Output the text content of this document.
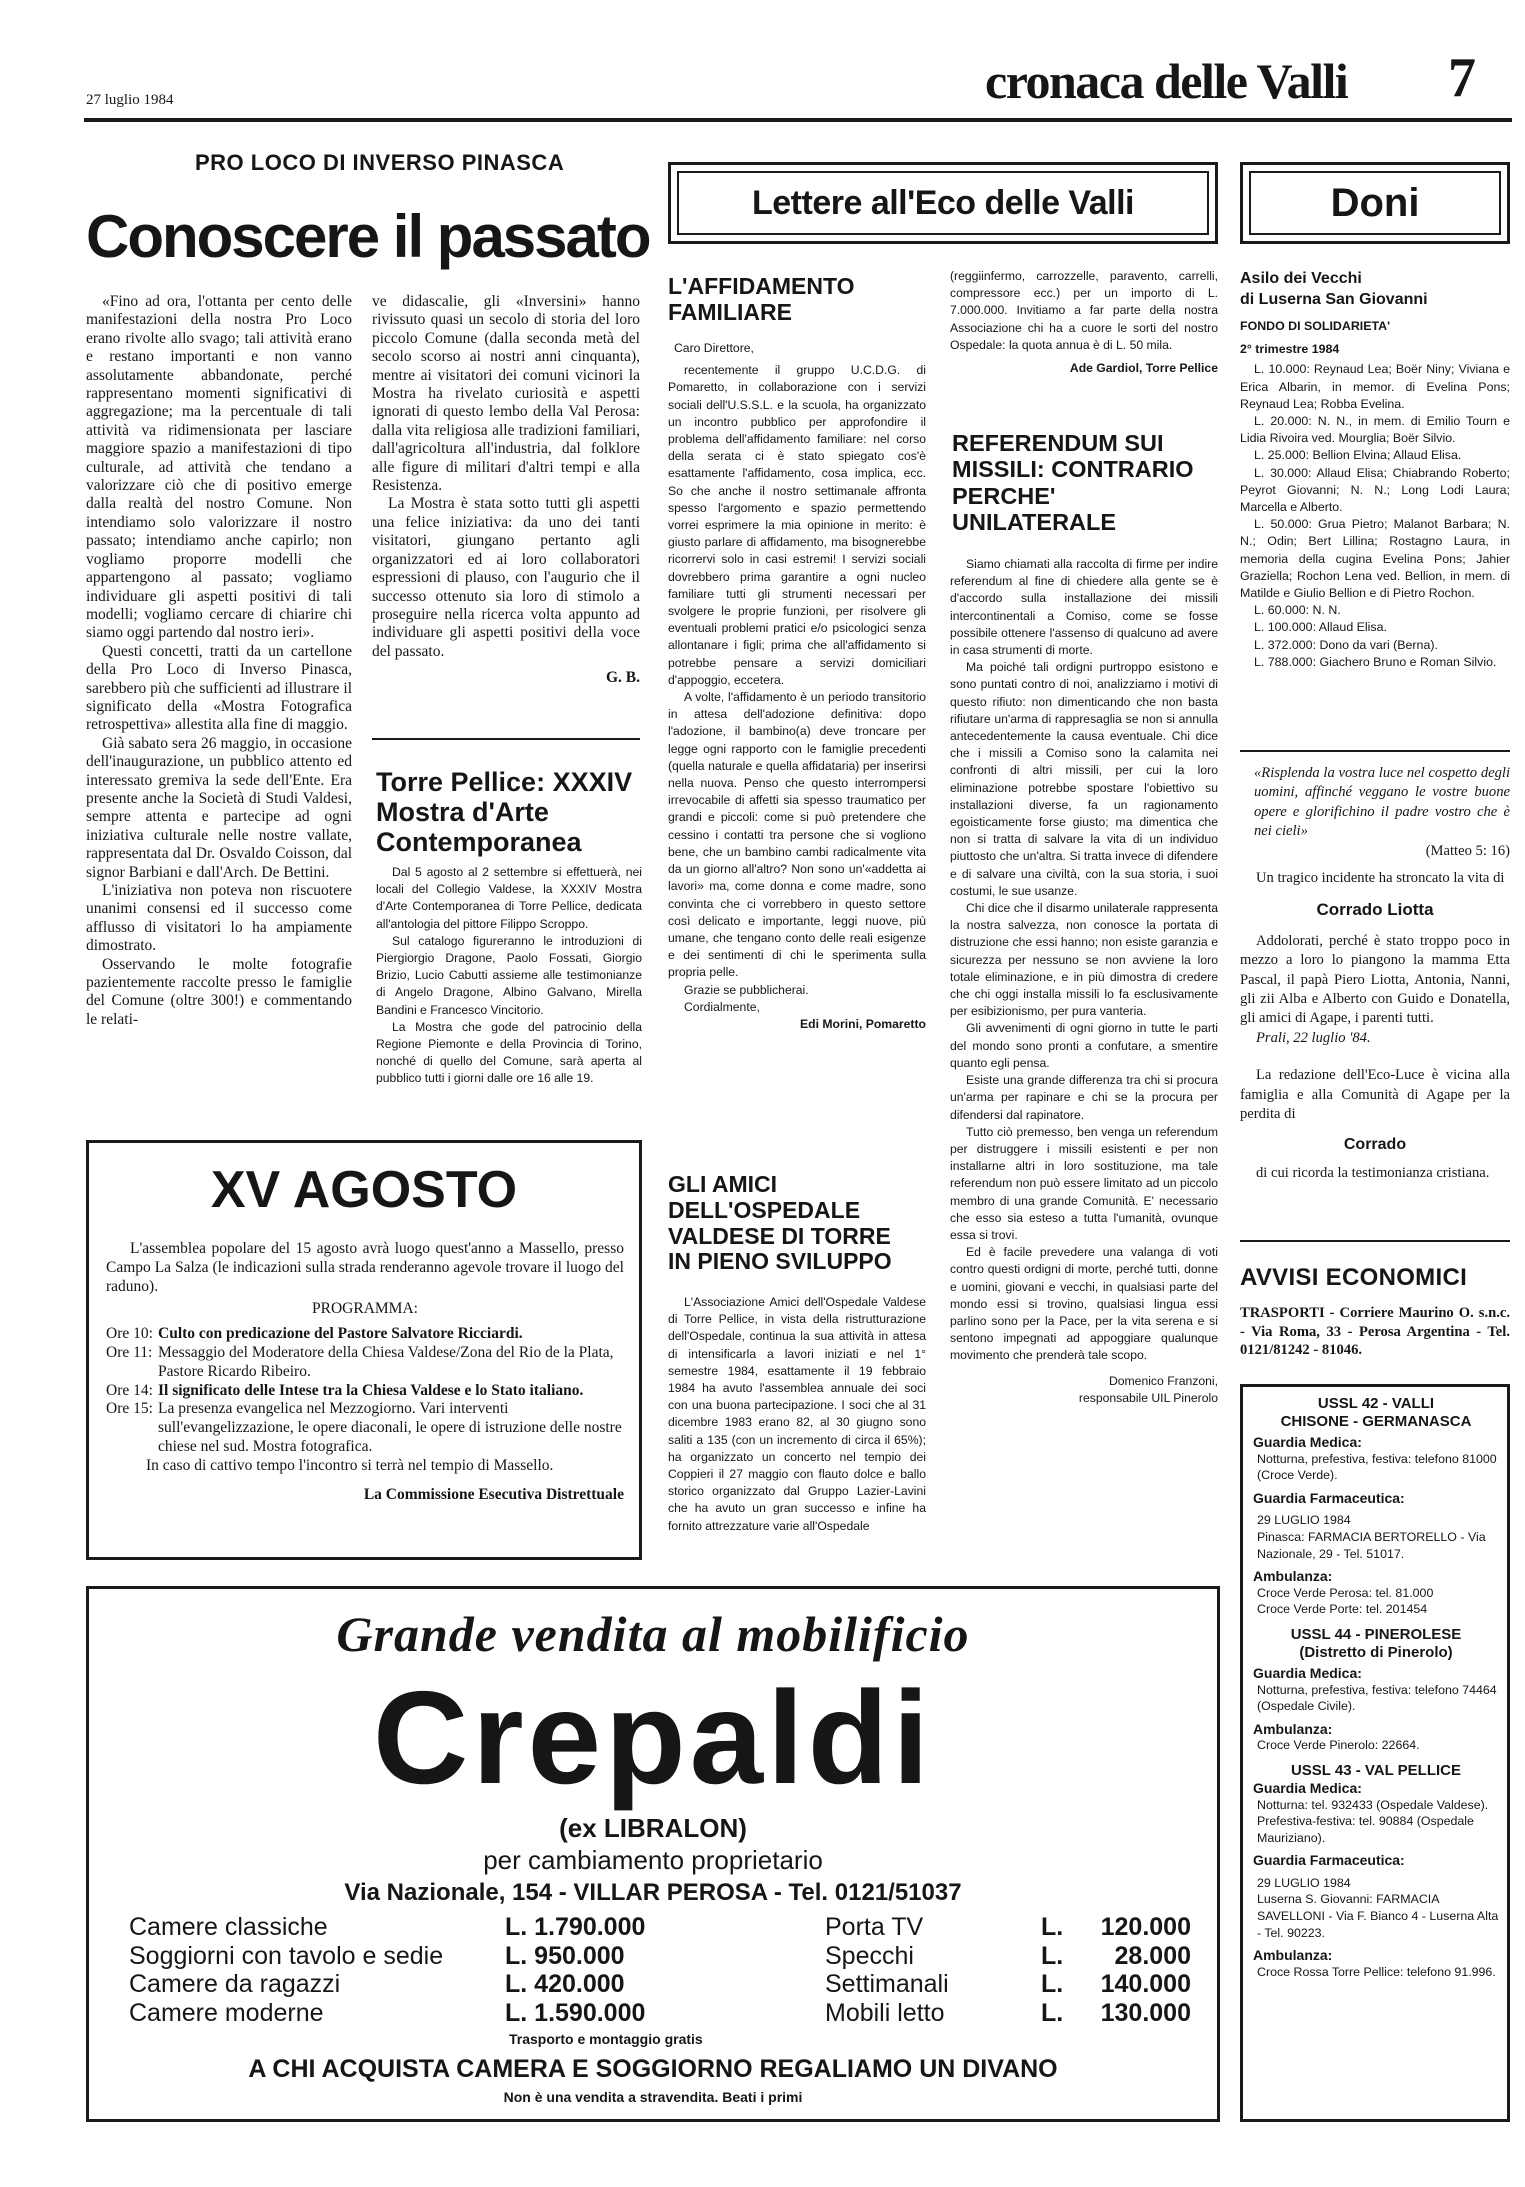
27 luglio 1984	cronaca delle Valli 7
PRO LOCO DI INVERSO PINASCA
Conoscere il passato

«Fino ad ora, l'ottanta per cento delle manifestazioni della nostra Pro Loco erano rivolte allo svago; tali attività erano e restano importanti e non vanno assolutamente abbandonate, perché rappresentano momenti significativi di aggregazione; ma la percentuale di tali attività va ridimensionata per lasciare maggiore spazio a manifestazioni di tipo culturale, ad attività che tendano a valorizzare ciò che di positivo emerge dalla realtà del nostro Comune. Non intendiamo solo valorizzare il nostro passato; intendiamo anche capirlo; non vogliamo proporre modelli che appartengono al passato; vogliamo individuare gli aspetti positivi di tali modelli; vogliamo cercare di chiarire chi siamo oggi partendo dal nostro ieri».

Questi concetti, tratti da un cartellone della Pro Loco di Inverso Pinasca, sarebbero più che sufficienti ad illustrare il significato della «Mostra Fotografica retrospettiva» allestita alla fine di maggio.

Già sabato sera 26 maggio, in occasione dell'inaugurazione, un pubblico attento ed interessato gremiva la sede dell'Ente. Era presente anche la Società di Studi Valdesi, sempre attenta e partecipe ad ogni iniziativa culturale nelle nostre vallate, rappresentata dal Dr. Osvaldo Coisson, dal signor Barbiani e dall'Arch. De Bettini.

L'iniziativa non poteva non riscuotere unanimi consensi ed il successo come afflusso di visitatori lo ha ampiamente dimostrato.

Osservando le molte fotografie pazientemente raccolte presso le famiglie del Comune (oltre 300!) e commentando le relati-

ve didascalie, gli «Inversini» hanno rivissuto quasi un secolo di storia del loro piccolo Comune (dalla seconda metà del secolo scorso ai nostri anni cinquanta), mentre ai visitatori dei comuni vicinori la Mostra ha rivelato curiosità e aspetti ignorati di questo lembo della Val Perosa: dalla vita religiosa alle tradizioni familiari, dall'agricoltura all'industria, dal folklore alle figure di militari d'altri tempi e alla Resistenza.

La Mostra è stata sotto tutti gli aspetti una felice iniziativa: da uno dei tanti visitatori, giungano pertanto agli organizzatori ed ai loro collaboratori espressioni di plauso, con l'augurio che il successo ottenuto sia loro di stimolo a proseguire nella ricerca volta appunto ad individuare gli aspetti positivi della voce del passato.

G. B.
Torre Pellice: XXXIV Mostra d'Arte Contemporanea

Dal 5 agosto al 2 settembre si effettuerà, nei locali del Collegio Valdese, la XXXIV Mostra d'Arte Contemporanea di Torre Pellice, dedicata all'antologia del pittore Filippo Scroppo.

Sul catalogo figureranno le introduzioni di Piergiorgio Dragone, Paolo Fossati, Giorgio Brizio, Lucio Cabutti assieme alle testimonianze di Angelo Dragone, Albino Galvano, Mirella Bandini e Francesco Vincitorio.

La Mostra che gode del patrocinio della Regione Piemonte e della Provincia di Torino, nonché di quello del Comune, sarà aperta al pubblico tutti i giorni dalle ore 16 alle 19.

XV AGOSTO
L'assemblea popolare del 15 agosto avrà luogo quest'anno a Massello, presso Campo La Salza (le indicazioni sulla strada renderanno agevole trovare il luogo del raduno).
PROGRAMMA:
Ore 10: Culto con predicazione del Pastore Salvatore Ricciardi.
Ore 11: Messaggio del Moderatore della Chiesa Valdese/Zona del Rio de la Plata, Pastore Ricardo Ribeiro.
Ore 14: Il significato delle Intese tra la Chiesa Valdese e lo Stato italiano.
Ore 15: La presenza evangelica nel Mezzogiorno. Vari interventi sull'evangelizzazione, le opere diaconali, le opere di istruzione delle nostre chiese nel sud. Mostra fotografica.
In caso di cattivo tempo l'incontro si terrà nel tempio di Massello.
La Commissione Esecutiva Distrettuale
Lettere all'Eco delle Valli
L'AFFIDAMENTO FAMILIARE
Caro Direttore,

recentemente il gruppo U.C.D.G. di Pomaretto, in collaborazione con i servizi sociali dell'U.S.S.L. e la scuola, ha organizzato un incontro pubblico per approfondire il problema dell'affidamento familiare: nel corso della serata ci è stato spiegato cos'è esattamente l'affidamento, cosa implica, ecc. So che anche il nostro settimanale affronta spesso l'argomento e spazio permettendo vorrei esprimere la mia opinione in merito: è giusto parlare di affidamento, ma bisognerebbe ricorrervi solo in casi estremi! I servizi sociali dovrebbero prima garantire a ogni nucleo familiare tutti gli strumenti necessari per svolgere le proprie funzioni, per risolvere gli eventuali problemi pratici e/o psicologici senza allontanare i figli; prima che all'affidamento si potrebbe pensare a servizi domiciliari d'appoggio, eccetera.

A volte, l'affidamento è un periodo transitorio in attesa dell'adozione definitiva: dopo l'adozione, il bambino(a) deve troncare per legge ogni rapporto con le famiglie precedenti (quella naturale e quella affidataria) per inserirsi nella nuova. Penso che questo interrompersi irrevocabile di affetti sia spesso traumatico per grandi e piccoli: come si può pretendere che cessino i contatti tra persone che si vogliono bene, che un bambino cambi radicalmente vita da un giorno all'altro? Non sono un'«addetta ai lavori» ma, come donna e come madre, sono convinta che ci vorrebbero in questo settore così delicato e importante, leggi nuove, più umane, che tengano conto delle reali esigenze e dei sentimenti di chi le sperimenta sulla propria pelle.

Grazie se pubblicherai.

Cordialmente,

Edi Morini, Pomaretto
GLI AMICI DELL'OSPEDALE VALDESE DI TORRE IN PIENO SVILUPPO

L'Associazione Amici dell'Ospedale Valdese di Torre Pellice, in vista della ristrutturazione dell'Ospedale, continua la sua attività in attesa di intensificarla a lavori iniziati e nel 1° semestre 1984, esattamente il 19 febbraio 1984 ha avuto l'assemblea annuale dei soci con una buona partecipazione. I soci che al 31 dicembre 1983 erano 82, al 30 giugno sono saliti a 135 (con un incremento di circa il 65%); ha organizzato un concerto nel tempio dei Coppieri il 27 maggio con flauto dolce e ballo storico organizzato dal Gruppo Lazier-Lavini che ha avuto un gran successo e infine ha fornito attrezzature varie all'Ospedale

(reggiinfermo, carrozzelle, paravento, carrelli, compressore ecc.) per un importo di L. 7.000.000. Invitiamo a far parte della nostra Associazione chi ha a cuore le sorti del nostro Ospedale: la quota annua è di L. 50 mila.
Ade Gardiol, Torre Pellice
REFERENDUM SUI MISSILI: CONTRARIO PERCHE' UNILATERALE

Siamo chiamati alla raccolta di firme per indire referendum al fine di chiedere alla gente se è d'accordo sulla installazione dei missili intercontinentali a Comiso, come se fosse possibile ottenere l'assenso di qualcuno ad avere in casa strumenti di morte.

Ma poiché tali ordigni purtroppo esistono e sono puntati contro di noi, analizziamo i motivi di questo rifiuto: non dimenticando che non basta rifiutare un'arma di rappresaglia se non si annulla antecedentemente la causa eventuale. Chi dice che i missili a Comiso sono la calamita nei confronti di altri missili, per cui la loro eliminazione potrebbe spostare l'obiettivo su installazioni diverse, fa un ragionamento egoisticamente forse giusto; ma dimentica che non si tratta di salvare la vita di un individuo piuttosto che un'altra. Si tratta invece di difendere e di salvare una civiltà, con la sua storia, i suoi costumi, le sue usanze.

Chi dice che il disarmo unilaterale rappresenta la nostra salvezza, non conosce la portata di distruzione che essi hanno; non esiste garanzia e sicurezza per nessuno se non avviene la loro totale eliminazione, e in più dimostra di credere che chi oggi installa missili lo fa esclusivamente per esibizionismo, per pura vanteria.

Gli avvenimenti di ogni giorno in tutte le parti del mondo sono pronti a confutare, a smentire quanto egli pensa.

Esiste una grande differenza tra chi si procura un'arma per rapinare e chi se la procura per difendersi dal rapinatore.

Tutto ciò premesso, ben venga un referendum per distruggere i missili esistenti e per non installarne altri in loro sostituzione, ma tale referendum non può essere limitato ad un piccolo membro di una grande Comunità. E' necessario che esso sia esteso a tutta l'umanità, ovunque essa si trovi.

Ed è facile prevedere una valanga di voti contro questi ordigni di morte, perché tutti, donne e uomini, giovani e vecchi, in qualsiasi parte del mondo essi si trovino, qualsiasi lingua essi parlino sono per la Pace, per la vita serena e si sentono impegnati ad appoggiare qualunque movimento che prenderà tale scopo.

Domenico Franzoni,
responsabile UIL Pinerolo
Doni
Asilo dei Vecchi
di Luserna San Giovanni
FONDO DI SOLIDARIETA'
2° trimestre 1984
L. 10.000: Reynaud Lea; Boër Niny; Viviana e Erica Albarin, in memor. di Evelina Pons; Reynaud Lea; Robba Evelina.
L. 20.000: N. N., in mem. di Emilio Tourn e Lidia Rivoira ved. Mourglia; Boër Silvio.
L. 25.000: Bellion Elvina; Allaud Elisa.
L. 30.000: Allaud Elisa; Chiabrando Roberto; Peyrot Giovanni; N. N.; Long Lodi Laura; Marcella e Alberto.
L. 50.000: Grua Pietro; Malanot Barbara; N. N.; Odin; Bert Lillina; Rostagno Laura, in memoria della cugina Evelina Pons; Jahier Graziella; Rochon Lena ved. Bellion, in mem. di Matilde e Giulio Bellion e di Pietro Rochon.
L. 60.000: N. N.
L. 100.000: Allaud Elisa.
L. 372.000: Dono da vari (Berna).
L. 788.000: Giachero Bruno e Roman Silvio.
«Risplenda la vostra luce nel cospetto degli uomini, affinché veggano le vostre buone opere e glorifichino il padre vostro che è nei cieli»
(Matteo 5: 16)
Un tragico incidente ha stroncato la vita di
Corrado Liotta
Addolorati, perché è stato troppo poco in mezzo a loro lo piangono la mamma Etta Pascal, il papà Piero Liotta, Antonia, Nanni, gli zii Alba e Alberto con Guido e Donatella, gli amici di Agape, i parenti tutti.
Prali, 22 luglio '84.
La redazione dell'Eco-Luce è vicina alla famiglia e alla Comunità di Agape per la perdita di
Corrado
di cui ricorda la testimonianza cristiana.
AVVISI ECONOMICI
TRASPORTI - Corriere Maurino O. s.n.c. - Via Roma, 33 - Perosa Argentina - Tel. 0121/81242 - 81046.
USSL 42 - VALLI
CHISONE - GERMANASCA
Guardia Medica:
Notturna, prefestiva, festiva: telefono 81000 (Croce Verde).
Guardia Farmaceutica:
29 LUGLIO 1984
Pinasca: FARMACIA BERTORELLO - Via Nazionale, 29 - Tel. 51017.
Ambulanza:
Croce Verde Perosa: tel. 81.000
Croce Verde Porte: tel. 201454
USSL 44 - PINEROLESE
(Distretto di Pinerolo)
Guardia Medica:
Notturna, prefestiva, festiva: telefono 74464 (Ospedale Civile).
Ambulanza:
Croce Verde Pinerolo: 22664.
USSL 43 - VAL PELLICE
Guardia Medica:
Notturna: tel. 932433 (Ospedale Valdese).
Prefestiva-festiva: tel. 90884 (Ospedale Mauriziano).
Guardia Farmaceutica:
29 LUGLIO 1984
Luserna S. Giovanni: FARMACIA SAVELLONI - Via F. Bianco 4 - Luserna Alta - Tel. 90223.
Ambulanza:
Croce Rossa Torre Pellice: telefono 91.996.
Grande vendita al mobilificio
Crepaldi
(ex LIBRALON)
per cambiamento proprietario
Via Nazionale, 154 - VILLAR PEROSA - Tel. 0121/51037
Camere classiche	L. 1.790.000
Soggiorni con tavolo e sedie	L. 950.000
Camere da ragazzi	L. 420.000
Camere moderne	L. 1.590.000
Porta TV	L.	120.000
Specchi	L.	28.000
Settimanali	L.	140.000
Mobili letto	L.	130.000
Trasporto e montaggio gratis
A CHI ACQUISTA CAMERA E SOGGIORNO REGALIAMO UN DIVANO
Non è una vendita a stravendita. Beati i primi
